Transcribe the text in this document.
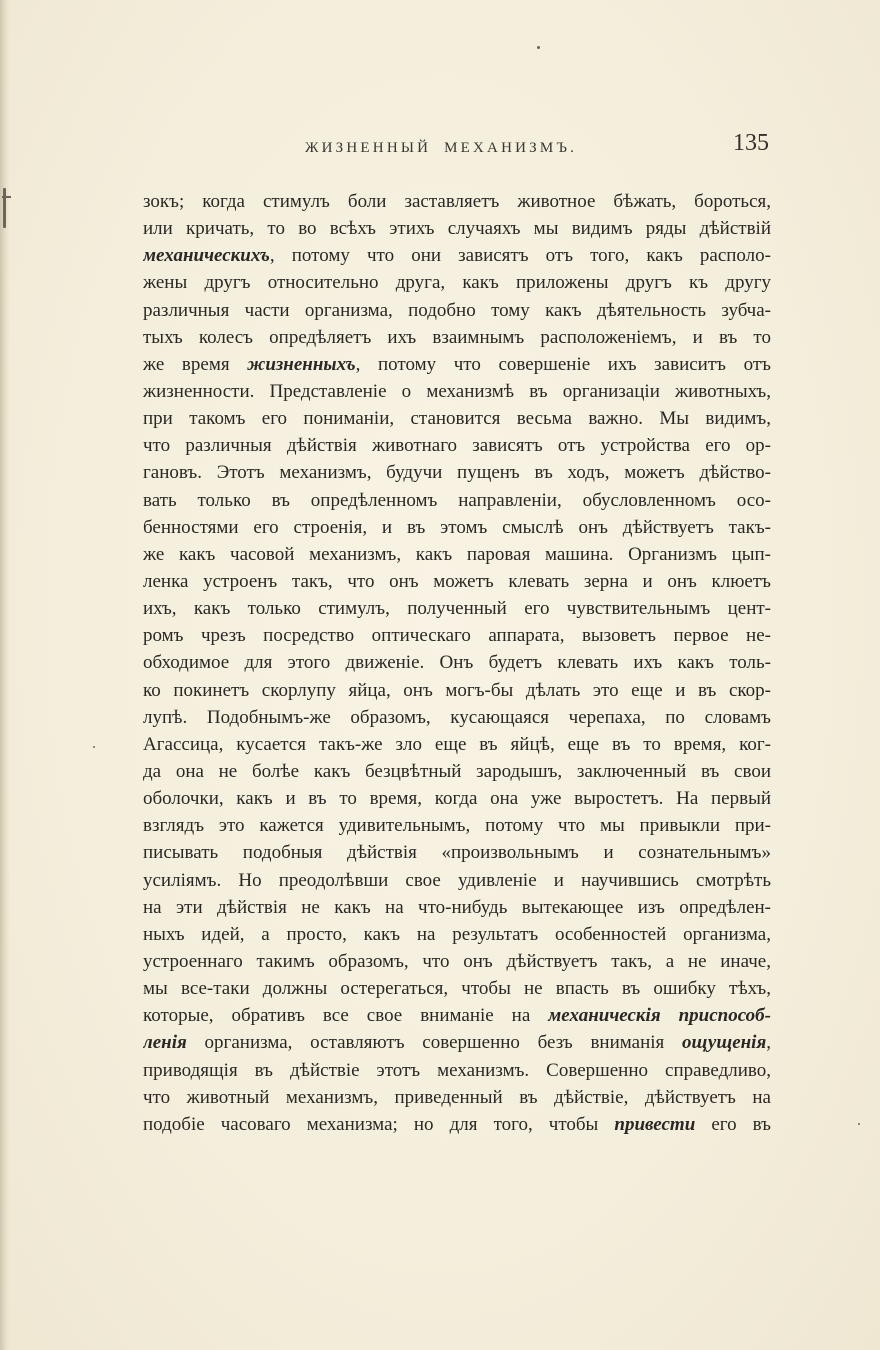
ЖИЗНЕННЫЙ МЕХАНИЗМЪ.	135
зокъ; когда стимулъ боли заставляетъ животное бѣжать, бороться,
или кричать, то во всѣхъ этихъ случаяхъ мы видимъ ряды дѣйствій
механическихъ, потому что они зависятъ отъ того, какъ располо-
жены другъ относительно друга, какъ приложены другъ къ другу
различныя части организма, подобно тому какъ дѣятельность зубча-
тыхъ колесъ опредѣляетъ ихъ взаимнымъ расположеніемъ, и въ то
же время жизненныхъ, потому что совершеніе ихъ зависитъ отъ
жизненности. Представленіе о механизмѣ въ организаціи животныхъ,
при такомъ его пониманіи, становится весьма важно. Мы видимъ,
что различныя дѣйствія животнаго зависятъ отъ устройства его ор-
гановъ. Этотъ механизмъ, будучи пущенъ въ ходъ, можетъ дѣйство-
вать только въ опредѣленномъ направленіи, обусловленномъ осо-
бенностями его строенія, и въ этомъ смыслѣ онъ дѣйствуетъ такъ-
же какъ часовой механизмъ, какъ паровая машина. Организмъ цып-
ленка устроенъ такъ, что онъ можетъ клевать зерна и онъ клюетъ
ихъ, какъ только стимулъ, полученный его чувствительнымъ цент-
ромъ чрезъ посредство оптическаго аппарата, вызоветъ первое не-
обходимое для этого движеніе. Онъ будетъ клевать ихъ какъ толь-
ко покинетъ скорлупу яйца, онъ могъ-бы дѣлать это еще и въ скор-
лупѣ. Подобнымъ-же образомъ, кусающаяся черепаха, по словамъ
Агассица, кусается такъ-же зло еще въ яйцѣ, еще въ то время, ког-
да она не болѣе какъ безцвѣтный зародышъ, заключенный въ свои
оболочки, какъ и въ то время, когда она уже выростетъ. На первый
взглядъ это кажется удивительнымъ, потому что мы привыкли при-
писывать подобныя дѣйствія «произвольнымъ и сознательнымъ»
усиліямъ. Но преодолѣвши свое удивленіе и научившись смотрѣть
на эти дѣйствія не какъ на что-нибудь вытекающее изъ опредѣлен-
ныхъ идей, а просто, какъ на результатъ особенностей организма,
устроеннаго такимъ образомъ, что онъ дѣйствуетъ такъ, а не иначе,
мы все-таки должны остерегаться, чтобы не впасть въ ошибку тѣхъ,
которые, обративъ все свое вниманіе на механическія приспособ-
ленія организма, оставляютъ совершенно безъ вниманія ощущенія,
приводящія въ дѣйствіе этотъ механизмъ. Совершенно справедливо,
что животный механизмъ, приведенный въ дѣйствіе, дѣйствуетъ на
подобіе часоваго механизма; но для того, чтобы привести его въ
